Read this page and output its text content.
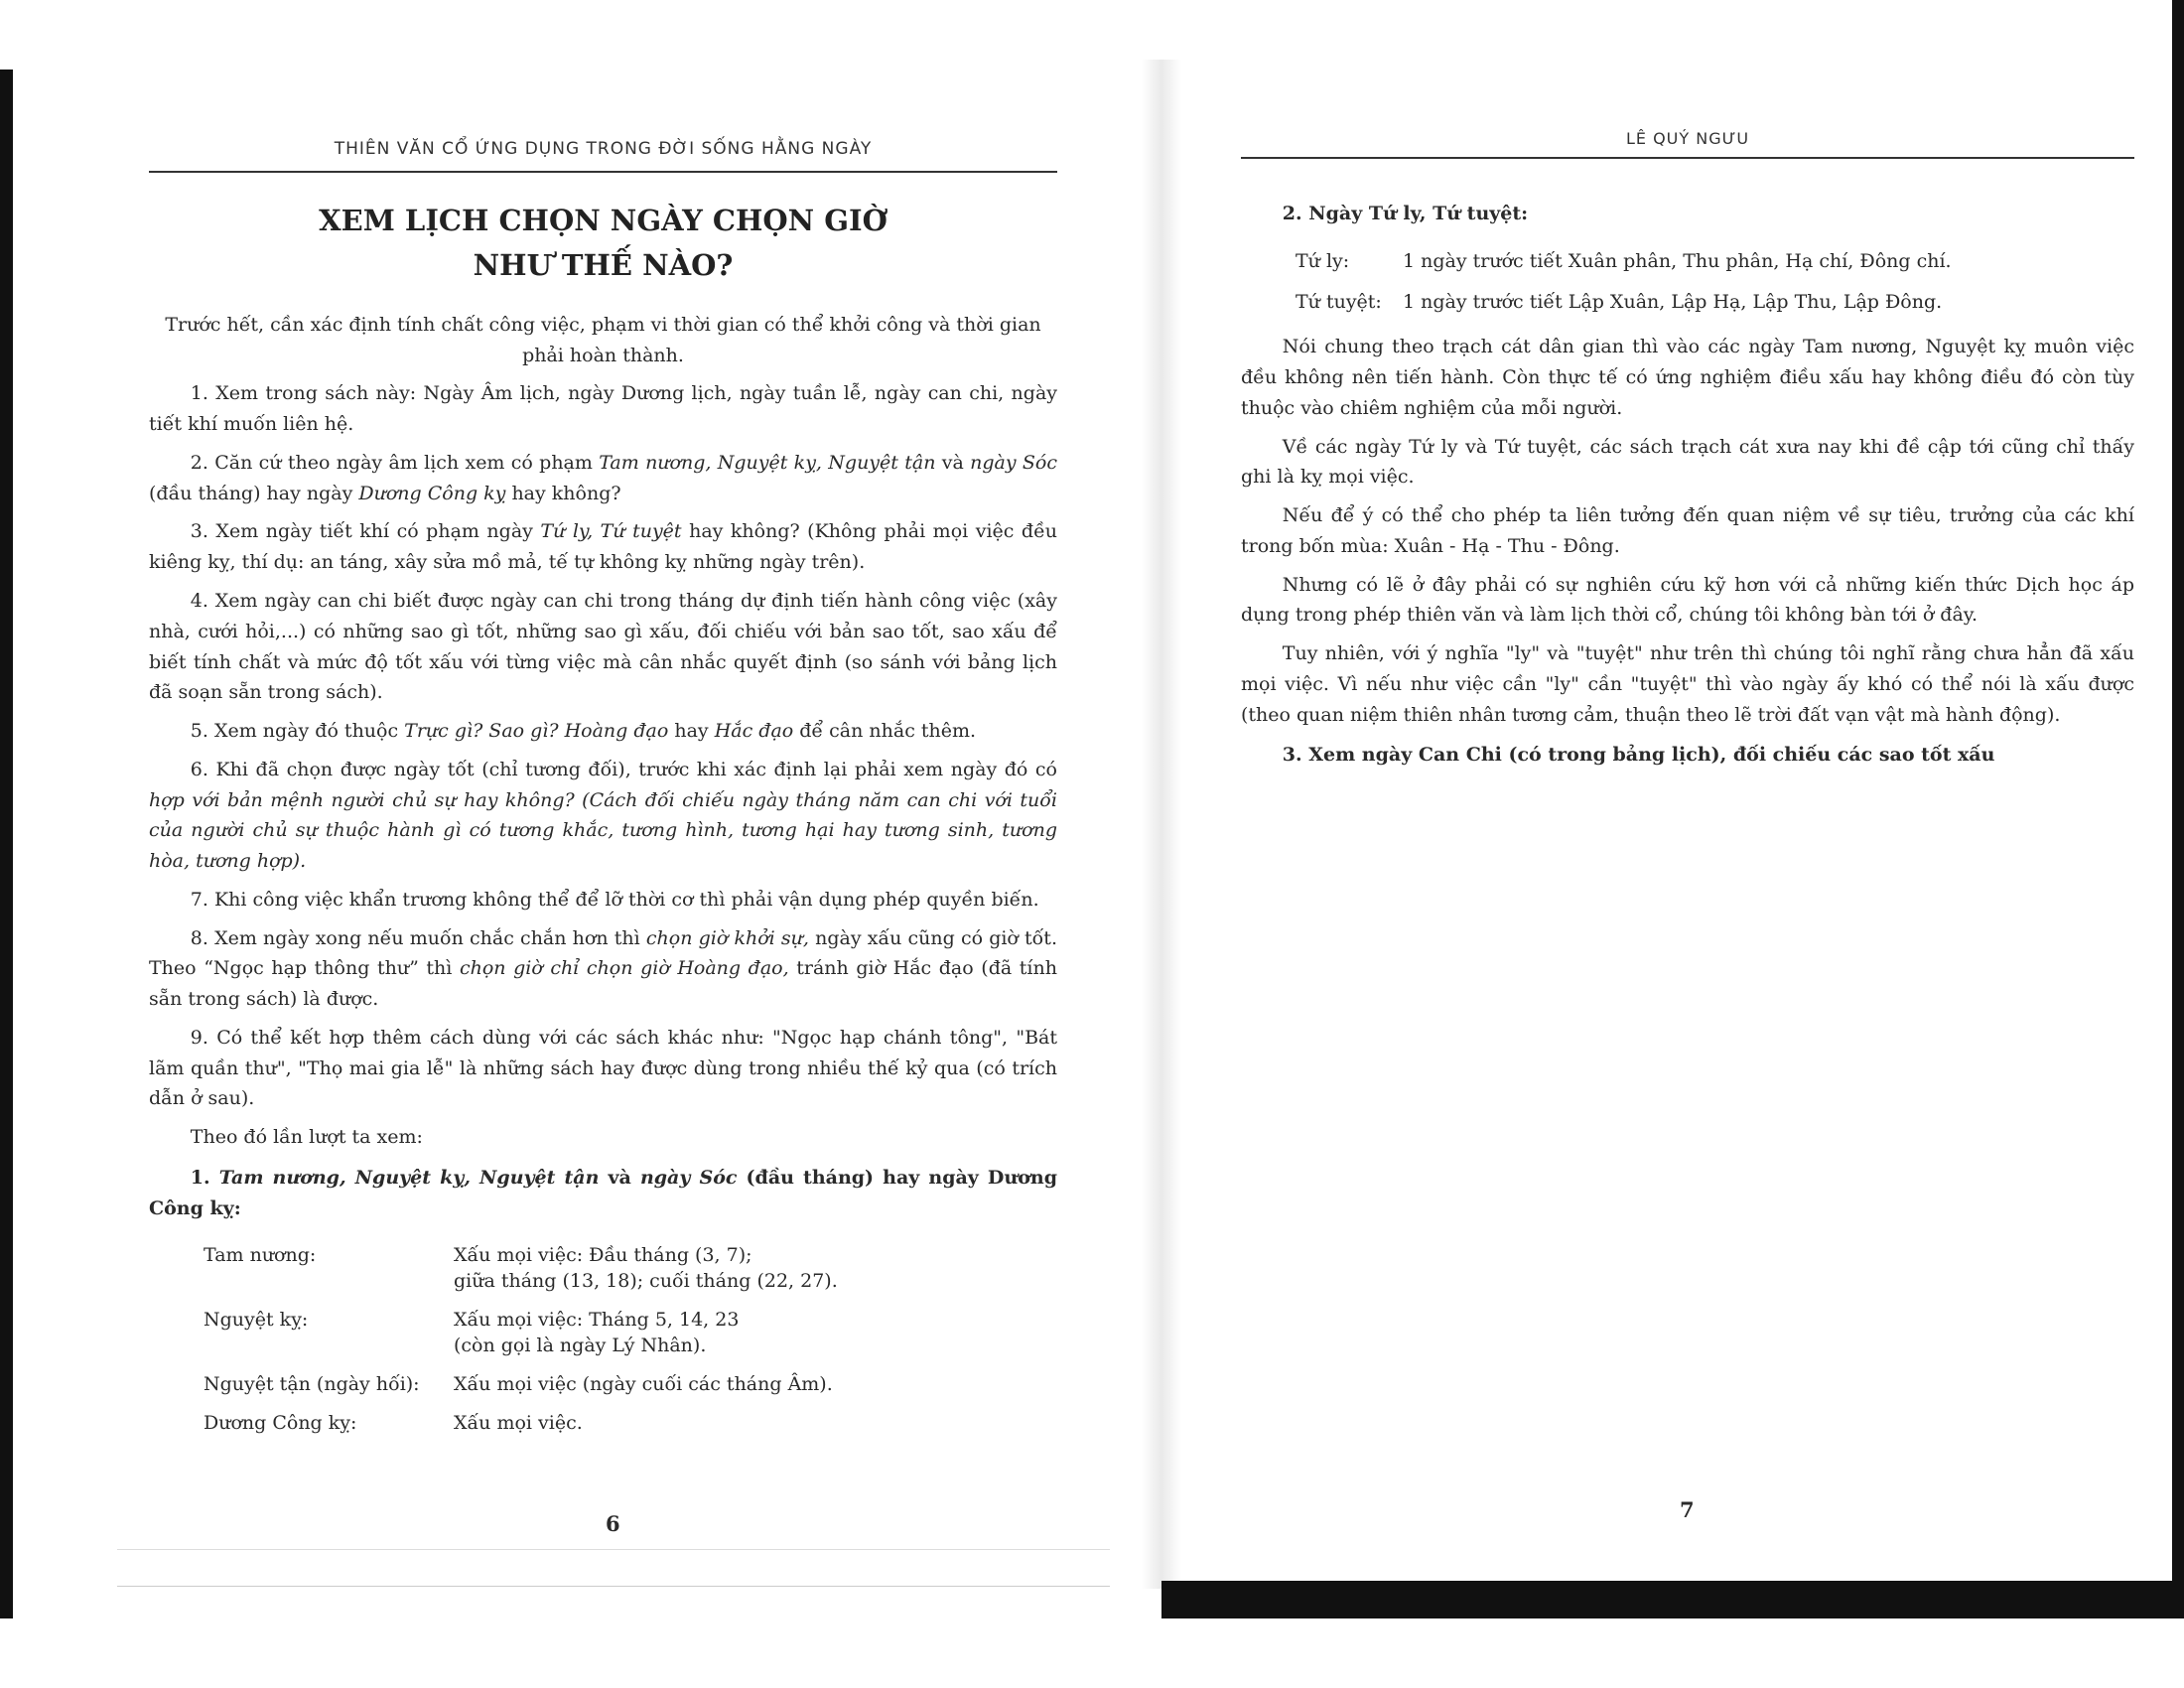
THIÊN VĂN CỔ ỨNG DỤNG TRONG ĐỜI SỐNG HẰNG NGÀY
XEM LỊCH CHỌN NGÀY CHỌN GIỜ
NHƯ THẾ NÀO?

Trước hết, cần xác định tính chất công việc, phạm vi thời gian có thể khởi công và thời gian phải hoàn thành.

1. Xem trong sách này: Ngày Âm lịch, ngày Dương lịch, ngày tuần lễ, ngày can chi, ngày tiết khí muốn liên hệ.

2. Căn cứ theo ngày âm lịch xem có phạm Tam nương, Nguyệt kỵ, Nguyệt tận và ngày Sóc (đầu tháng) hay ngày Dương Công kỵ hay không?

3. Xem ngày tiết khí có phạm ngày Tứ ly, Tứ tuyệt hay không? (Không phải mọi việc đều kiêng kỵ, thí dụ: an táng, xây sửa mồ mả, tế tự không kỵ những ngày trên).

4. Xem ngày can chi biết được ngày can chi trong tháng dự định tiến hành công việc (xây nhà, cưới hỏi,...) có những sao gì tốt, những sao gì xấu, đối chiếu với bản sao tốt, sao xấu để biết tính chất và mức độ tốt xấu với từng việc mà cân nhắc quyết định (so sánh với bảng lịch đã soạn sẵn trong sách).

5. Xem ngày đó thuộc Trực gì? Sao gì? Hoàng đạo hay Hắc đạo để cân nhắc thêm.

6. Khi đã chọn được ngày tốt (chỉ tương đối), trước khi xác định lại phải xem ngày đó có hợp với bản mệnh người chủ sự hay không? (Cách đối chiếu ngày tháng năm can chi với tuổi của người chủ sự thuộc hành gì có tương khắc, tương hình, tương hại hay tương sinh, tương hòa, tương hợp).

7. Khi công việc khẩn trương không thể để lỡ thời cơ thì phải vận dụng phép quyền biến.

8. Xem ngày xong nếu muốn chắc chắn hơn thì chọn giờ khởi sự, ngày xấu cũng có giờ tốt. Theo “Ngọc hạp thông thư” thì chọn giờ chỉ chọn giờ Hoàng đạo, tránh giờ Hắc đạo (đã tính sẵn trong sách) là được.

9. Có thể kết hợp thêm cách dùng với các sách khác như: "Ngọc hạp chánh tông", "Bát lãm quần thư", "Thọ mai gia lễ" là những sách hay được dùng trong nhiều thế kỷ qua (có trích dẫn ở sau).

Theo đó lần lượt ta xem:

1. Tam nương, Nguyệt kỵ, Nguyệt tận và ngày Sóc (đầu tháng) hay ngày Dương Công kỵ:

Tam nương:	Xấu mọi việc: Đầu tháng (3, 7);
giữa tháng (13, 18); cuối tháng (22, 27).
Nguyệt kỵ:	Xấu mọi việc: Tháng 5, 14, 23
(còn gọi là ngày Lý Nhân).
Nguyệt tận (ngày hối):	Xấu mọi việc (ngày cuối các tháng Âm).
Dương Công kỵ:	Xấu mọi việc.
6
LÊ QUÝ NGƯU

2. Ngày Tứ ly, Tứ tuyệt:

Tứ ly:	1 ngày trước tiết Xuân phân, Thu phân, Hạ chí, Đông chí.
Tứ tuyệt:	1 ngày trước tiết Lập Xuân, Lập Hạ, Lập Thu, Lập Đông.

Nói chung theo trạch cát dân gian thì vào các ngày Tam nương, Nguyệt kỵ muôn việc đều không nên tiến hành. Còn thực tế có ứng nghiệm điều xấu hay không điều đó còn tùy thuộc vào chiêm nghiệm của mỗi người.

Về các ngày Tứ ly và Tứ tuyệt, các sách trạch cát xưa nay khi đề cập tới cũng chỉ thấy ghi là kỵ mọi việc.

Nếu để ý có thể cho phép ta liên tưởng đến quan niệm về sự tiêu, trưởng của các khí trong bốn mùa: Xuân - Hạ - Thu - Đông.

Nhưng có lẽ ở đây phải có sự nghiên cứu kỹ hơn với cả những kiến thức Dịch học áp dụng trong phép thiên văn và làm lịch thời cổ, chúng tôi không bàn tới ở đây.

Tuy nhiên, với ý nghĩa "ly" và "tuyệt" như trên thì chúng tôi nghĩ rằng chưa hẳn đã xấu mọi việc. Vì nếu như việc cần "ly" cần "tuyệt" thì vào ngày ấy khó có thể nói là xấu được (theo quan niệm thiên nhân tương cảm, thuận theo lẽ trời đất vạn vật mà hành động).

3. Xem ngày Can Chi (có trong bảng lịch), đối chiếu các sao tốt xấu

7
